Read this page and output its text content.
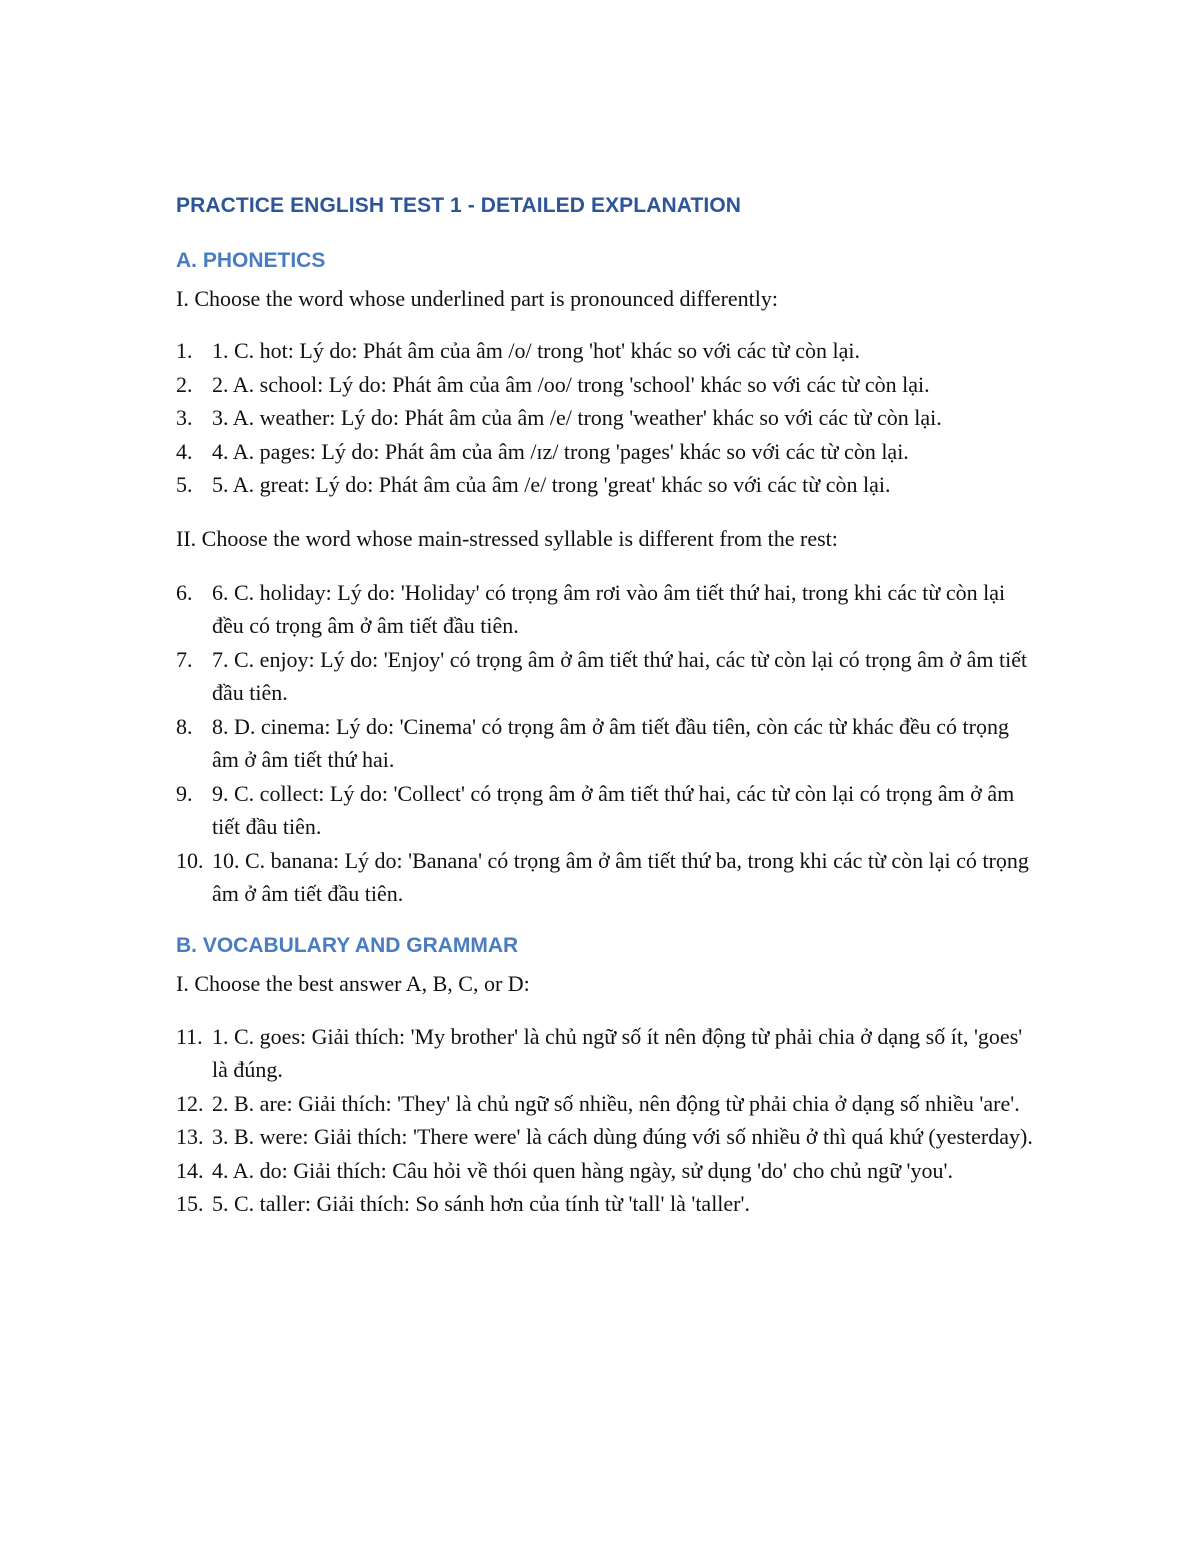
PRACTICE ENGLISH TEST 1 - DETAILED EXPLANATION
A. PHONETICS

I. Choose the word whose underlined part is pronounced differently:

1. 1. C. hot: Lý do: Phát âm của âm /o/ trong 'hot' khác so với các từ còn lại.
2. 2. A. school: Lý do: Phát âm của âm /oo/ trong 'school' khác so với các từ còn lại.
3. 3. A. weather: Lý do: Phát âm của âm /e/ trong 'weather' khác so với các từ còn lại.
4. 4. A. pages: Lý do: Phát âm của âm /ɪz/ trong 'pages' khác so với các từ còn lại.
5. 5. A. great: Lý do: Phát âm của âm /e/ trong 'great' khác so với các từ còn lại.

II. Choose the word whose main-stressed syllable is different from the rest:

6. 6. C. holiday: Lý do: 'Holiday' có trọng âm rơi vào âm tiết thứ hai, trong khi các từ còn lại đều có trọng âm ở âm tiết đầu tiên.
7. 7. C. enjoy: Lý do: 'Enjoy' có trọng âm ở âm tiết thứ hai, các từ còn lại có trọng âm ở âm tiết đầu tiên.
8. 8. D. cinema: Lý do: 'Cinema' có trọng âm ở âm tiết đầu tiên, còn các từ khác đều có trọng âm ở âm tiết thứ hai.
9. 9. C. collect: Lý do: 'Collect' có trọng âm ở âm tiết thứ hai, các từ còn lại có trọng âm ở âm tiết đầu tiên.
10. 10. C. banana: Lý do: 'Banana' có trọng âm ở âm tiết thứ ba, trong khi các từ còn lại có trọng âm ở âm tiết đầu tiên.
B. VOCABULARY AND GRAMMAR

I. Choose the best answer A, B, C, or D:

11. 1. C. goes: Giải thích: 'My brother' là chủ ngữ số ít nên động từ phải chia ở dạng số ít, 'goes' là đúng.
12. 2. B. are: Giải thích: 'They' là chủ ngữ số nhiều, nên động từ phải chia ở dạng số nhiều 'are'.
13. 3. B. were: Giải thích: 'There were' là cách dùng đúng với số nhiều ở thì quá khứ (yesterday).
14. 4. A. do: Giải thích: Câu hỏi về thói quen hàng ngày, sử dụng 'do' cho chủ ngữ 'you'.
15. 5. C. taller: Giải thích: So sánh hơn của tính từ 'tall' là 'taller'.
